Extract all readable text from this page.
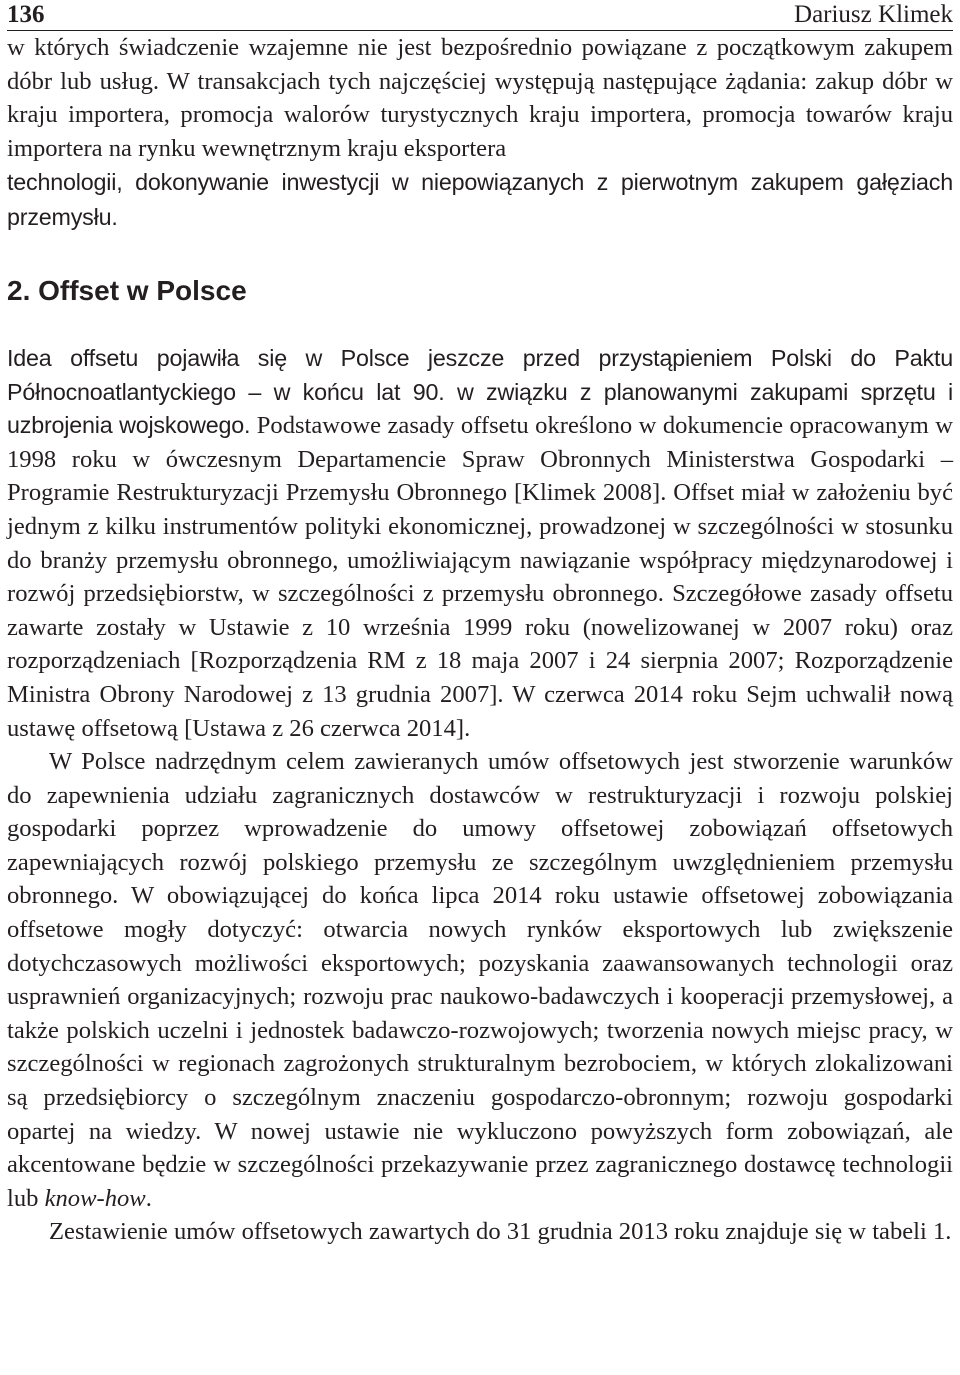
136	Dariusz Klimek

w których świadczenie wzajemne nie jest bezpośrednio powiązane z początkowym zakupem dóbr lub usług. W transakcjach tych najczęściej występują następujące żądania: zakup dóbr w kraju importera, promocja walorów turystycznych kraju importera, promocja towarów kraju importera na rynku wewnętrznym kraju eksportera

technologii, dokonywanie inwestycji w niepowiązanych z pierwotnym zakupem gałęziach przemysłu.

2. Offset w Polsce

Idea offsetu pojawiła się w Polsce jeszcze przed przystąpieniem Polski do Paktu Północnoatlantyckiego – w końcu lat 90. w związku z planowanymi zakupami sprzętu i uzbrojenia wojskowego. Podstawowe zasady offsetu określono w dokumencie opracowanym w 1998 roku w ówczesnym Departamencie Spraw Obronnych Ministerstwa Gospodarki – Programie Restrukturyzacji Przemysłu Obronnego [Klimek 2008]. Offset miał w założeniu być jednym z kilku instrumentów polityki ekonomicznej, prowadzonej w szczególności w stosunku do branży przemysłu obronnego, umożliwiającym nawiązanie współpracy międzynarodowej i rozwój przedsiębiorstw, w szczególności z przemysłu obronnego. Szczegółowe zasady offsetu zawarte zostały w Ustawie z 10 września 1999 roku (nowelizowanej w 2007 roku) oraz rozporządzeniach [Rozporządzenia RM z 18 maja 2007 i 24 sierpnia 2007; Rozporządzenie Ministra Obrony Narodowej z 13 grudnia 2007]. W czerwca 2014 roku Sejm uchwalił nową ustawę offsetową [Ustawa z 26 czerwca 2014].

W Polsce nadrzędnym celem zawieranych umów offsetowych jest stworzenie warunków do zapewnienia udziału zagranicznych dostawców w restrukturyzacji i rozwoju polskiej gospodarki poprzez wprowadzenie do umowy offsetowej zobowiązań offsetowych zapewniających rozwój polskiego przemysłu ze szczególnym uwzględnieniem przemysłu obronnego. W obowiązującej do końca lipca 2014 roku ustawie offsetowej zobowiązania offsetowe mogły dotyczyć: otwarcia nowych rynków eksportowych lub zwiększenie dotychczasowych możliwości eksportowych; pozyskania zaawansowanych technologii oraz usprawnień organizacyjnych; rozwoju prac naukowo-badawczych i kooperacji przemysłowej, a także polskich uczelni i jednostek badawczo-rozwojowych; tworzenia nowych miejsc pracy, w szczególności w regionach zagrożonych strukturalnym bezrobociem, w których zlokalizowani są przedsiębiorcy o szczególnym znaczeniu gospodarczo-obronnym; rozwoju gospodarki opartej na wiedzy. W nowej ustawie nie wykluczono powyższych form zobowiązań, ale akcentowane będzie w szczególności przekazywanie przez zagranicznego dostawcę technologii lub know-how.

Zestawienie umów offsetowych zawartych do 31 grudnia 2013 roku znajduje się w tabeli 1.
